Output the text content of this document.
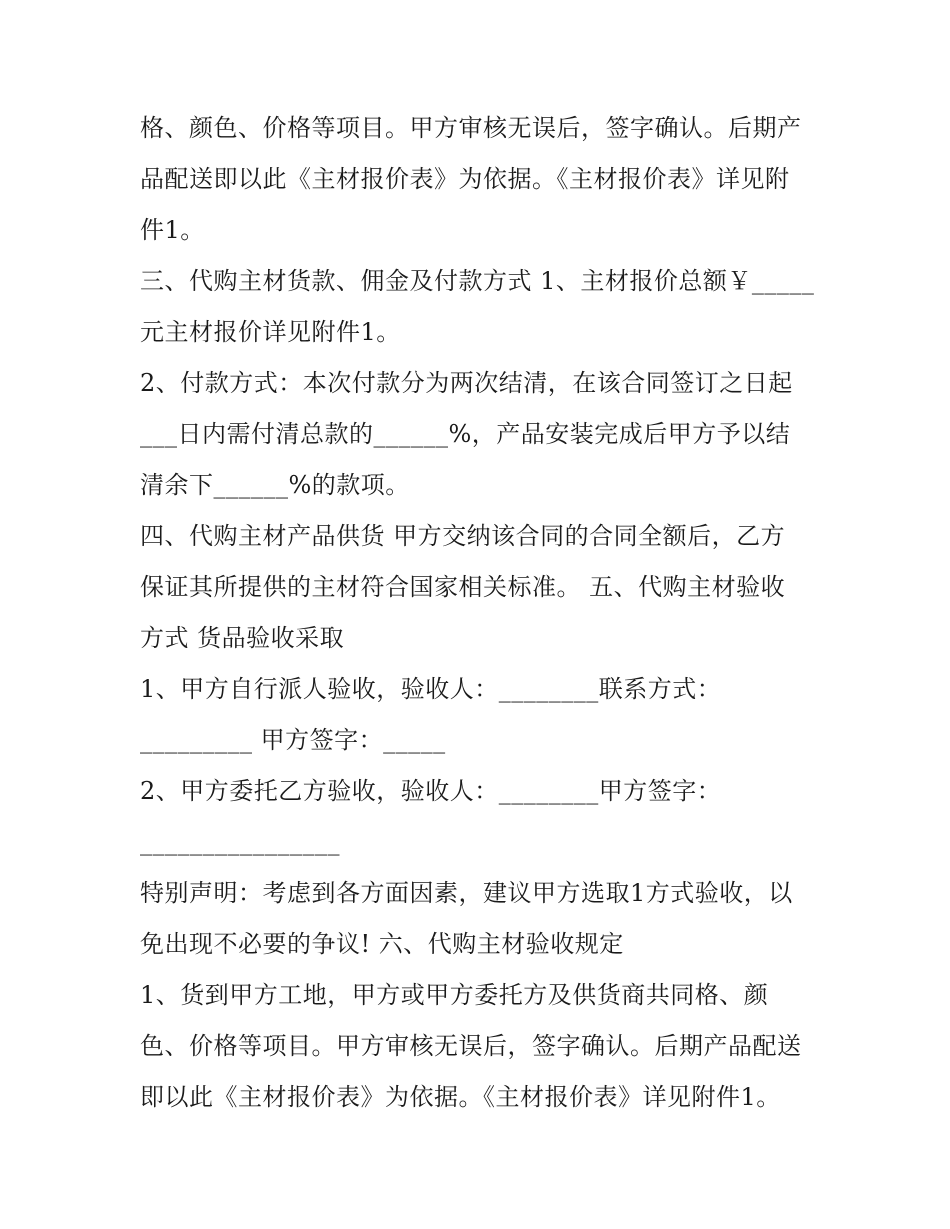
格、颜色、价格等项目。甲方审核无误后，签字确认。后期产
品配送即以此《主材报价表》为依据。《主材报价表》详见附
件1。
三、代购主材货款、佣金及付款方式 1、主材报价总额￥_____
元主材报价详见附件1。
2、付款方式：本次付款分为两次结清，在该合同签订之日起
___日内需付清总款的______%，产品安装完成后甲方予以结
清余下______%的款项。
四、代购主材产品供货 甲方交纳该合同的合同全额后，乙方
保证其所提供的主材符合国家相关标准。 五、代购主材验收
方式 货品验收采取
1、甲方自行派人验收，验收人：________联系方式：
_________ 甲方签字：_____
2、甲方委托乙方验收，验收人：________甲方签字：
________________
特别声明：考虑到各方面因素，建议甲方选取1方式验收，以
免出现不必要的争议! 六、代购主材验收规定
1、货到甲方工地，甲方或甲方委托方及供货商共同格、颜
色、价格等项目。甲方审核无误后，签字确认。后期产品配送
即以此《主材报价表》为依据。《主材报价表》详见附件1。
